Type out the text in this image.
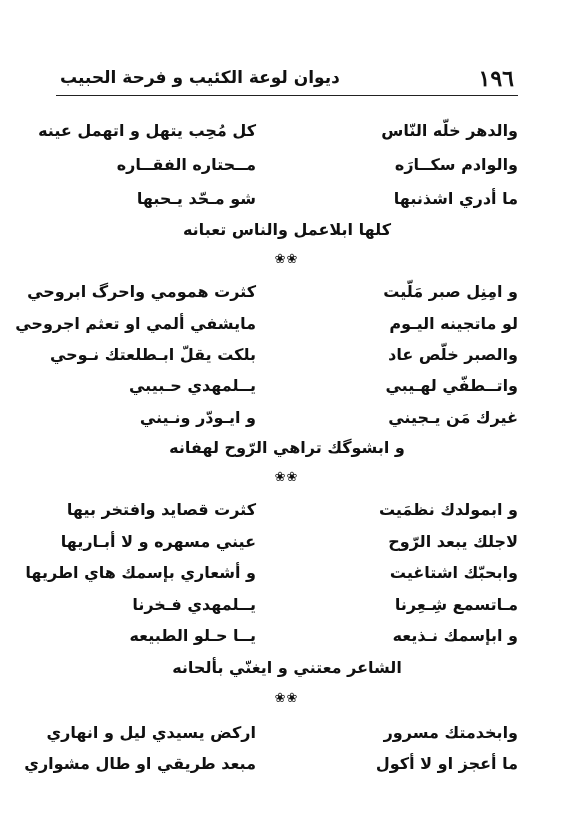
١٩٦
ديوان لوعة الكئيب و فرحة الحبيب
والدهر خلّه النّاس
كل مُحِب يتهل و اتهمل عينه
والوادم سكــارَه
مــحتاره الفقــاره
ما أدري اشذنبها
شو مـحّد يـحبها
كلها ابلاعمل والناس تعبانه
❀❀
و امِنِل صبر مَلّيت
كثرت همومي واحرگ ابروحي
لو ماتجينه اليـوم
مايشفي ألمي او تعثم اجروحي
والصبر خلّص عاد
بلكت يقلّ ابـطلعتك نـوحي
واتــطفّي لهـيبي
يــلمهدي حـبيبي
غيرك مَن يـجيني
و ايـودّر ونـيني
و ابشوگك تراهي الرّوح لهفانه
❀❀
و ابمولدك نظمَيت
كثرت قصايد وافتخر بيها
لاجلك يبعد الرّوح
عيني مسهره و لا أبـاريها
وابحبّك اشتاغيت
و أشعاري بإسمك هاي اطريها
مـاتسمع شِـعِرنا
يــلمهدي فـخرنا
و ابإسمك نـذيعه
يــا حـلو الطبيعه
الشاعر معتني و ايغنّي بألحانه
❀❀
وابخدمتك مسرور
اركض يسيدي ليل و انهاري
ما أعجز او لا أكول
مبعد طريقي او طال مشواري
